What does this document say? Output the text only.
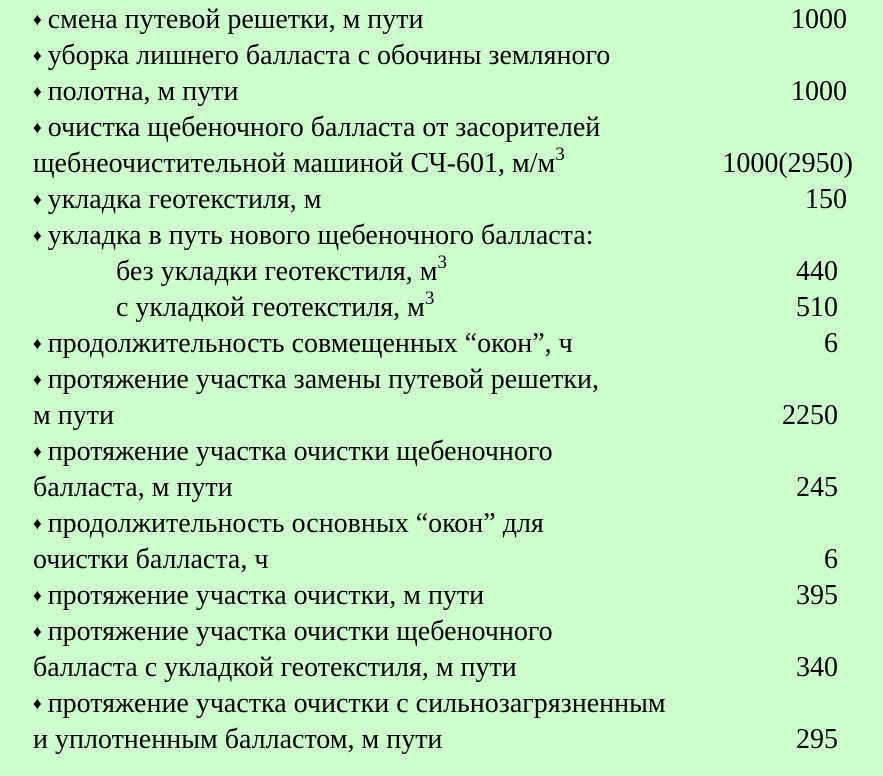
♦ смена путевой решетки, м пути	1000
♦ уборка лишнего балласта с обочины земляного
♦ полотна, м пути	1000
♦ очистка щебеночного балласта от засорителей
щебнеочистительной машиной СЧ-601, $м/м^3$	1000(2950)
♦ укладка геотекстиля, м	150
♦ укладка в путь нового щебеночного балласта:
без укладки геотекстиля, $м^3$	440
с укладкой геотекстиля, $м^3$	510
♦ продолжительность совмещенных “окон”, ч	6
♦ протяжение участка замены путевой решетки,
м пути	2250
♦ протяжение участка очистки щебеночного
балласта, м пути	245
♦ продолжительность основных “окон” для
очистки балласта, ч	6
♦ протяжение участка очистки, м пути	395
♦ протяжение участка очистки щебеночного
балласта с укладкой геотекстиля, м пути	340
♦ протяжение участка очистки с сильнозагрязненным
и уплотненным балластом, м пути	295
